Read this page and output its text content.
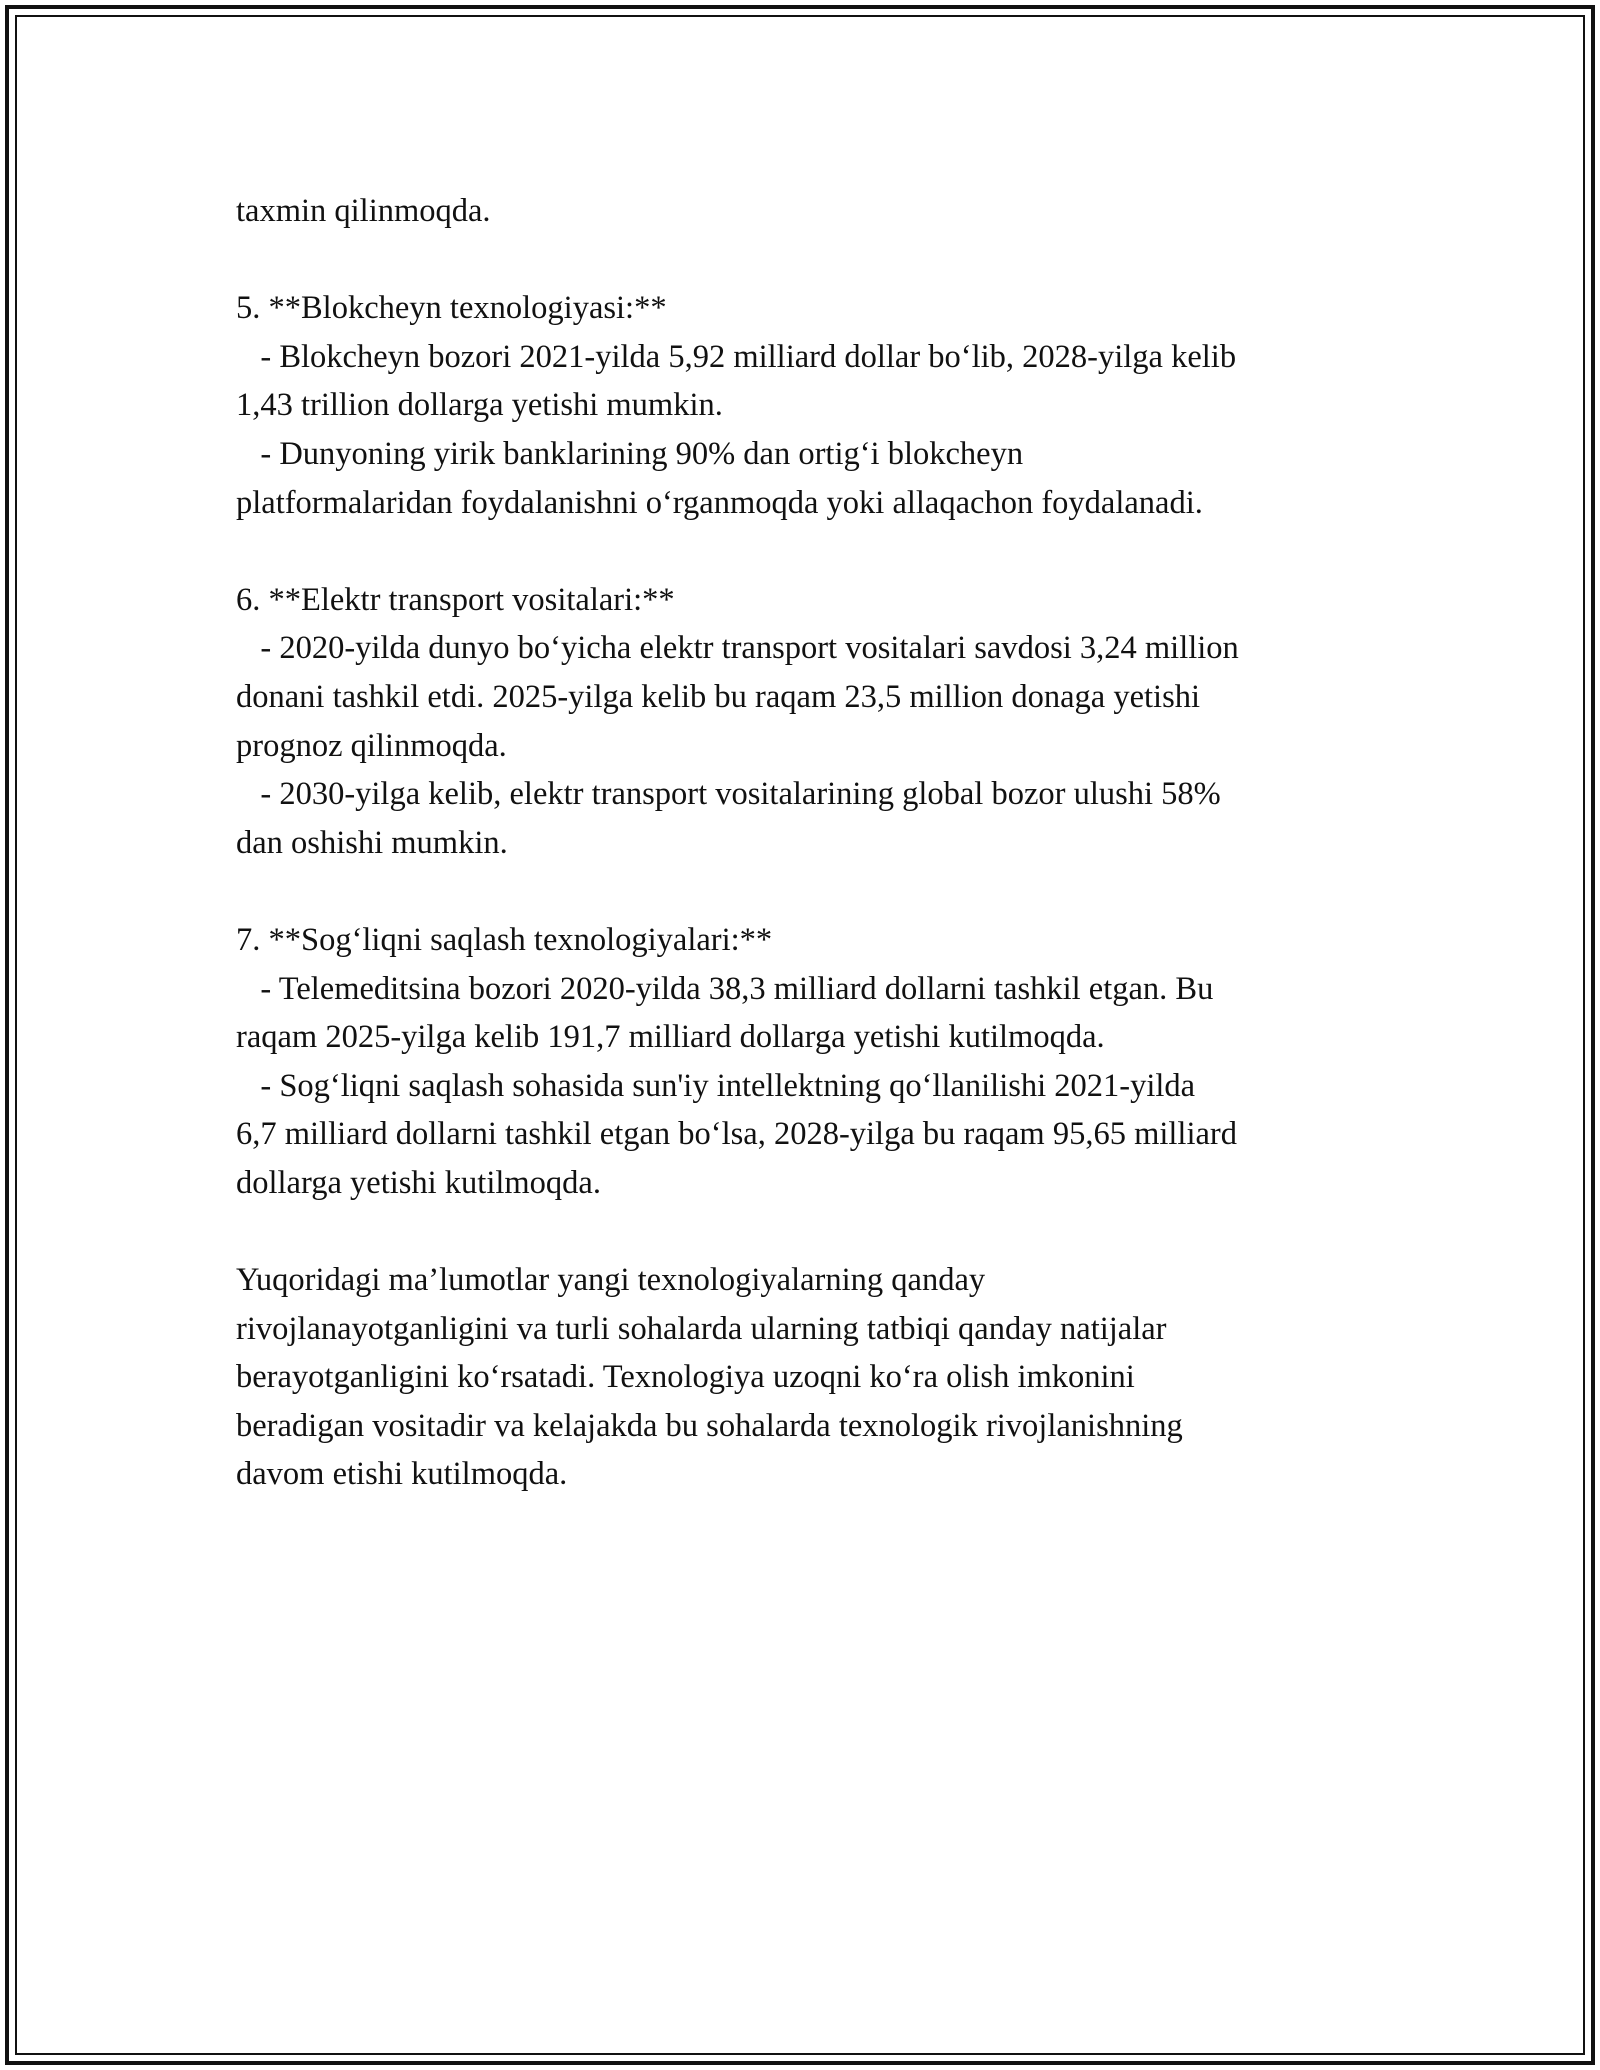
taxmin qilinmoqda.
5. **Blokcheyn texnologiyasi:**
- Blokcheyn bozori 2021-yilda 5,92 milliard dollar bo‘lib, 2028-yilga kelib
1,43 trillion dollarga yetishi mumkin.
- Dunyoning yirik banklarining 90% dan ortig‘i blokcheyn
platformalaridan foydalanishni o‘rganmoqda yoki allaqachon foydalanadi.
6. **Elektr transport vositalari:**
- 2020-yilda dunyo bo‘yicha elektr transport vositalari savdosi 3,24 million
donani tashkil etdi. 2025-yilga kelib bu raqam 23,5 million donaga yetishi
prognoz qilinmoqda.
- 2030-yilga kelib, elektr transport vositalarining global bozor ulushi 58%
dan oshishi mumkin.
7. **Sog‘liqni saqlash texnologiyalari:**
- Telemeditsina bozori 2020-yilda 38,3 milliard dollarni tashkil etgan. Bu
raqam 2025-yilga kelib 191,7 milliard dollarga yetishi kutilmoqda.
- Sog‘liqni saqlash sohasida sun'iy intellektning qo‘llanilishi 2021-yilda
6,7 milliard dollarni tashkil etgan bo‘lsa, 2028-yilga bu raqam 95,65 milliard
dollarga yetishi kutilmoqda.
Yuqoridagi ma’lumotlar yangi texnologiyalarning qanday
rivojlanayotganligini va turli sohalarda ularning tatbiqi qanday natijalar
berayotganligini ko‘rsatadi. Texnologiya uzoqni ko‘ra olish imkonini
beradigan vositadir va kelajakda bu sohalarda texnologik rivojlanishning
davom etishi kutilmoqda.
